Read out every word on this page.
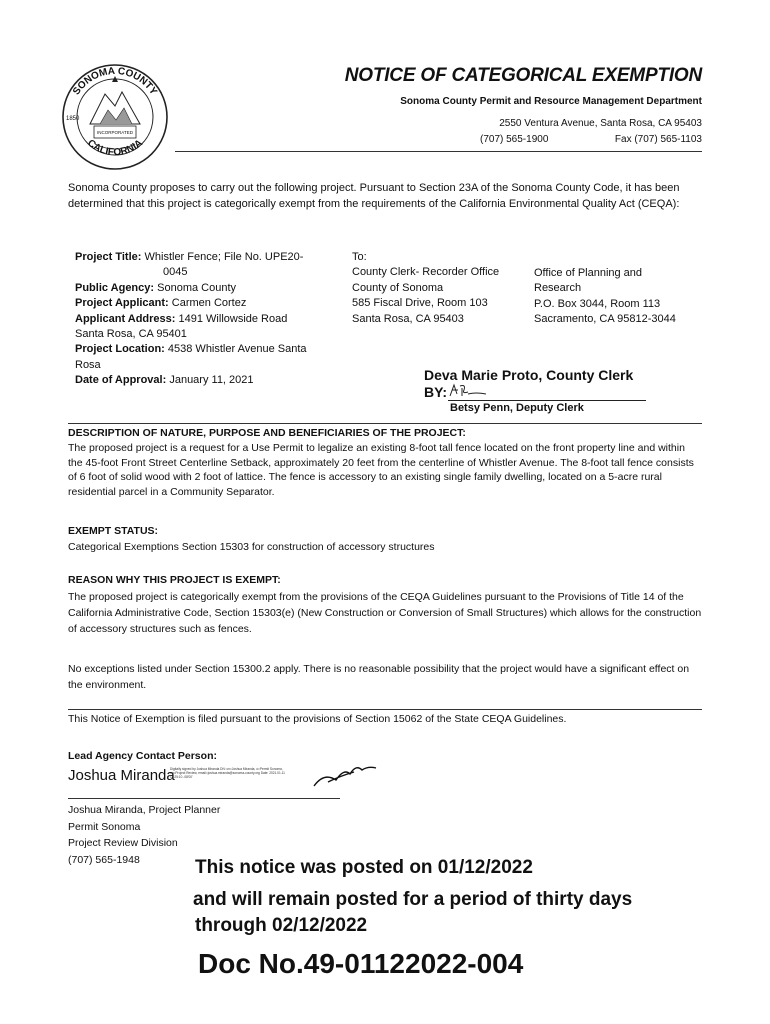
SONOMA COUNTY
CALIFORNIA
1850
INCORPORATED
NOTICE OF CATEGORICAL EXEMPTION
Sonoma County Permit and Resource Management Department
2550 Ventura Avenue, Santa Rosa, CA 95403
(707) 565-1900	Fax (707) 565-1103

Sonoma County proposes to carry out the following project. Pursuant to Section 23A of the Sonoma County Code, it has been determined that this project is categorically exempt from the requirements of the California Environmental Quality Act (CEQA):

Project Title: Whistler Fence; File No. UPE20-
0045
Public Agency: Sonoma County
Project Applicant: Carmen Cortez
Applicant Address: 1491 Willowside Road
Santa Rosa, CA 95401
Project Location: 4538 Whistler Avenue Santa
Rosa
Date of Approval: January 11, 2021
To:
County Clerk- Recorder Office
County of Sonoma
585 Fiscal Drive, Room 103
Santa Rosa, CA 95403
Office of Planning and
Research
P.O. Box 3044, Room 113
Sacramento, CA 95812-3044
Deva Marie Proto, County Clerk
BY:
Betsy Penn, Deputy Clerk
DESCRIPTION OF NATURE, PURPOSE AND BENEFICIARIES OF THE PROJECT:

The proposed project is a request for a Use Permit to legalize an existing 8-foot tall fence located on the front property line and within the 45-foot Front Street Centerline Setback, approximately 20 feet from the centerline of Whistler Avenue. The 8-foot tall fence consists of 6 foot of solid wood with 2 foot of lattice. The fence is accessory to an existing single family dwelling, located on a 5-acre rural residential parcel in a Community Separator.

EXEMPT STATUS:

Categorical Exemptions Section 15303 for construction of accessory structures

REASON WHY THIS PROJECT IS EXEMPT:

The proposed project is categorically exempt from the provisions of the CEQA Guidelines pursuant to the Provisions of Title 14 of the California Administrative Code, Section 15303(e) (New Construction or Conversion of Small Structures) which allows for the construction of accessory structures such as fences.

No exceptions listed under Section 15300.2 apply. There is no reasonable possibility that the project would have a significant effect on the environment.

This Notice of Exemption is filed pursuant to the provisions of Section 15062 of the State CEQA Guidelines.

Lead Agency Contact Person:
Joshua Miranda
Digitally signed by Joshua Miranda DN: cn=Joshua Miranda, o=Permit Sonoma, ou=Project Review, email=joshua.miranda@sonoma-county.org Date: 2021.01.11 14:25:10 -08'00'
Joshua Miranda, Project Planner
Permit Sonoma
Project Review Division
(707) 565-1948	This notice was posted on 01/12/2022
and will remain posted for a period of thirty days
through 02/12/2022
Doc No.49-01122022-004
